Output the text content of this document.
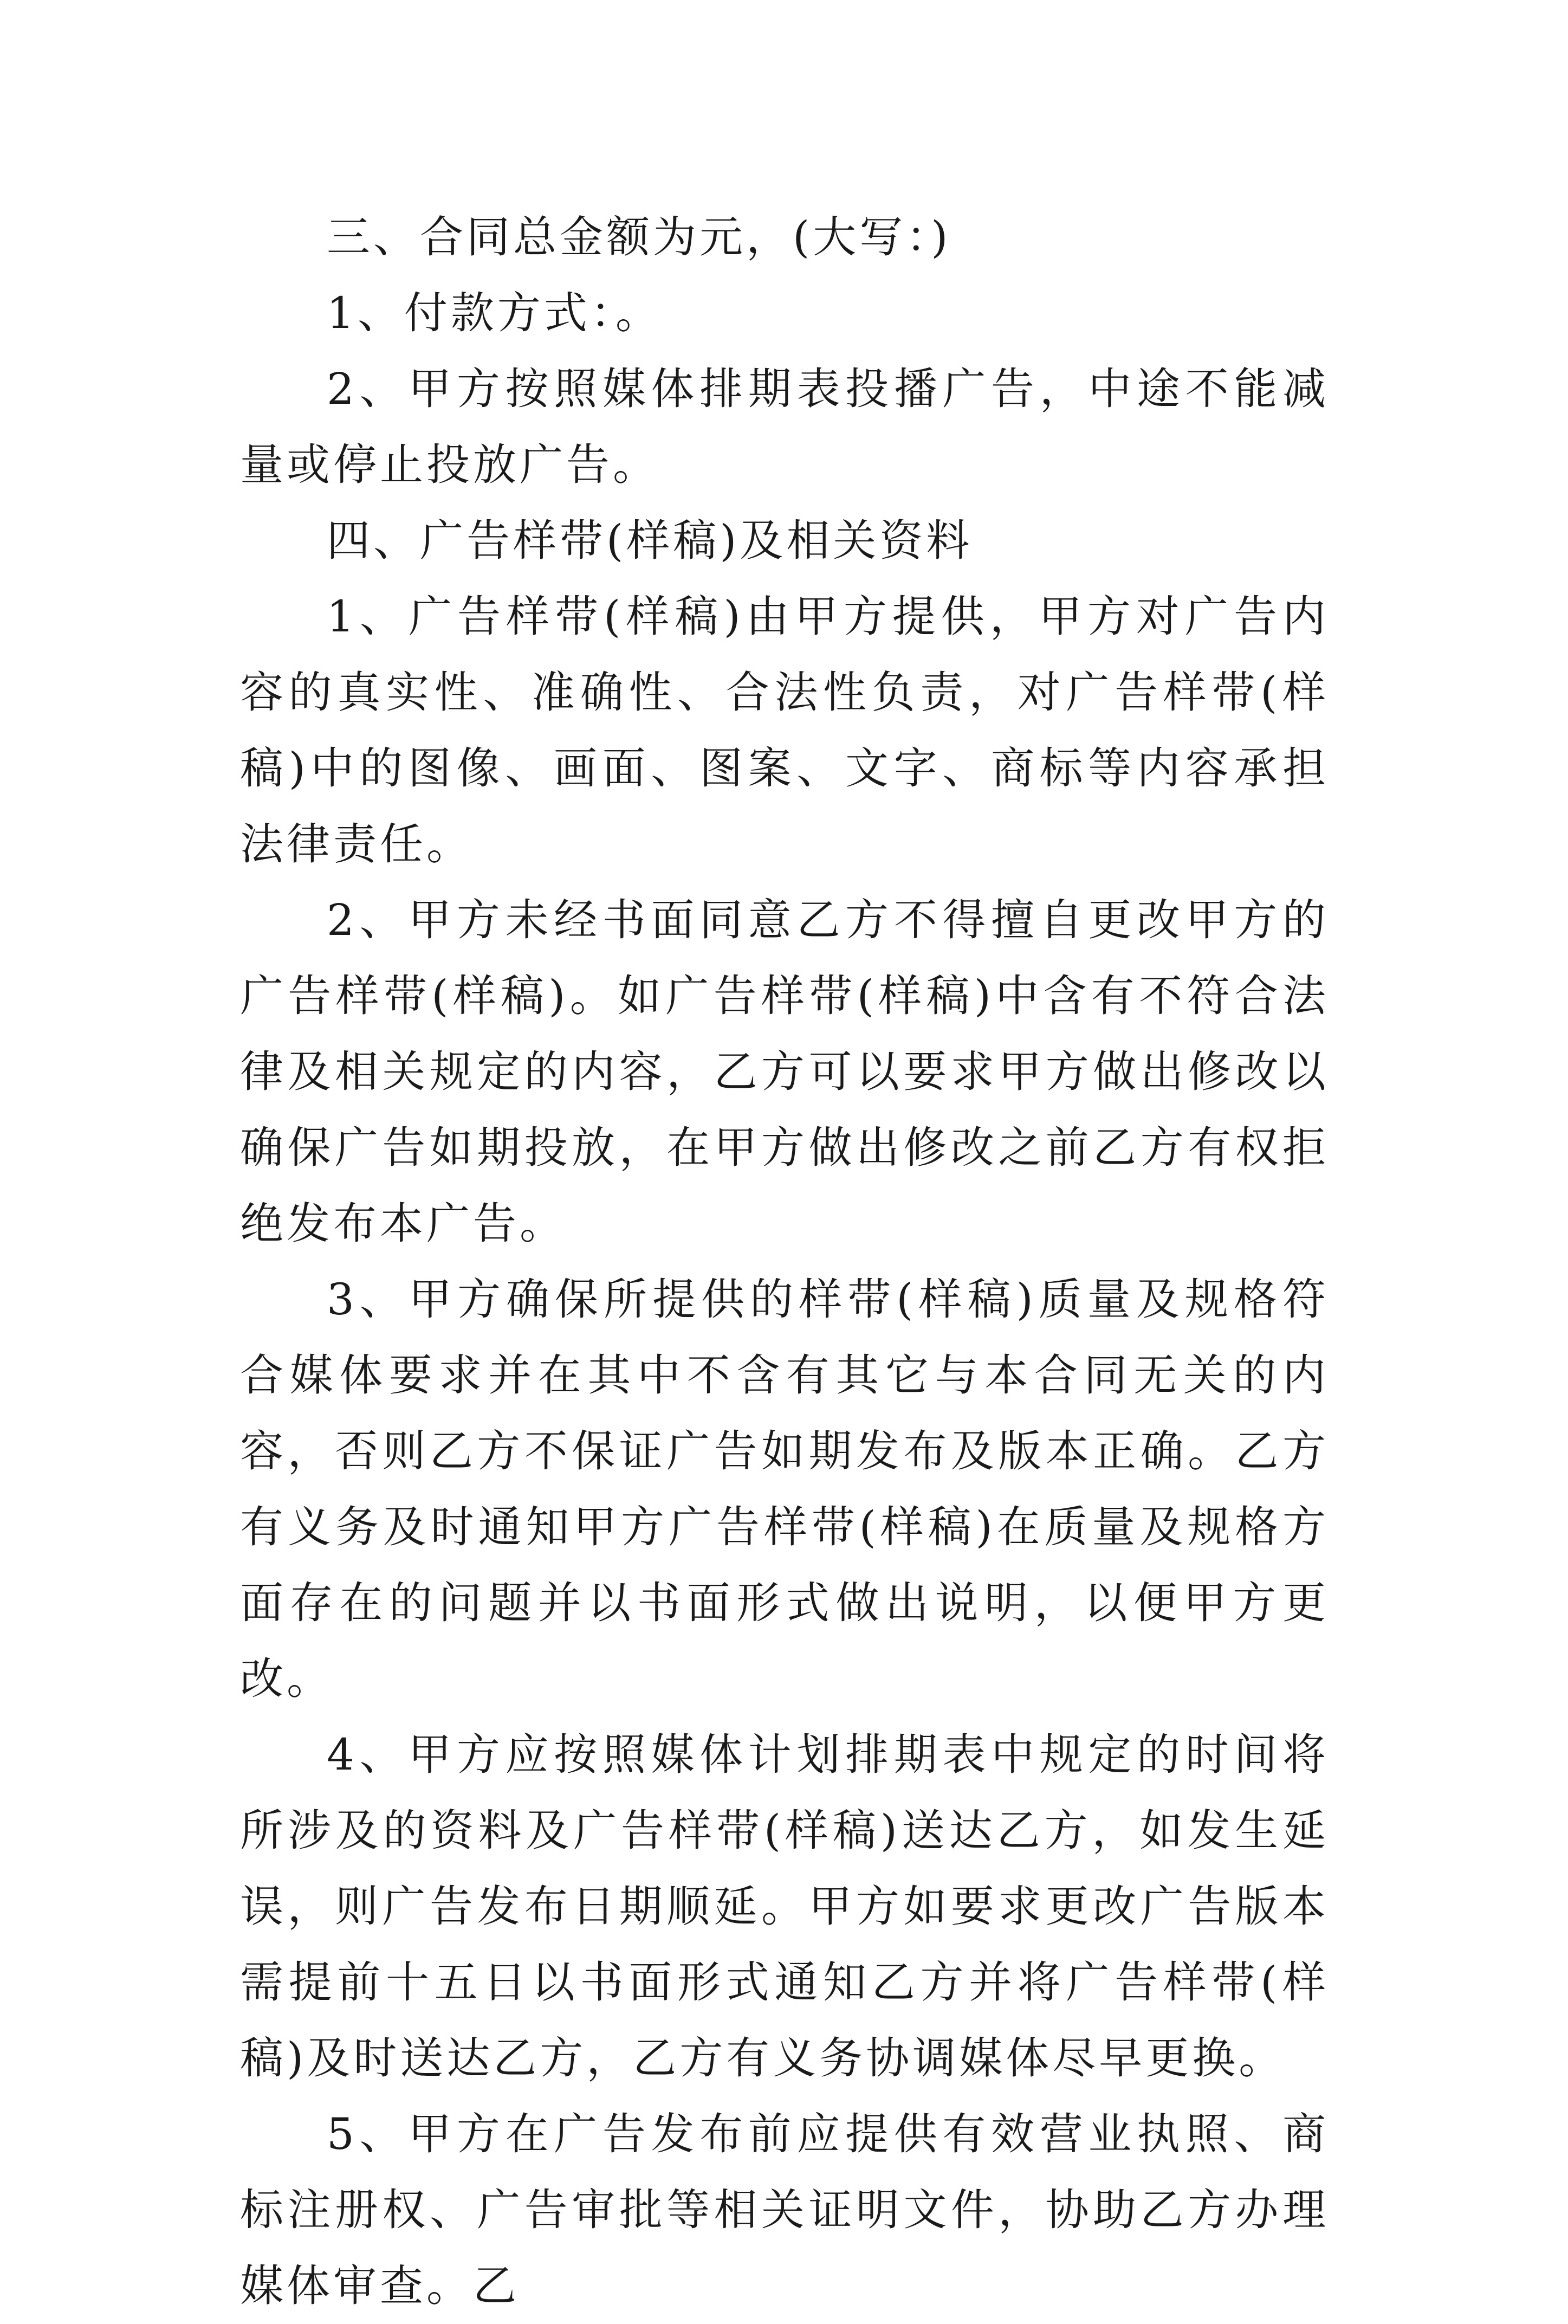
三、合同总金额为元，(大写：)

1、付款方式：。

2、甲方按照媒体排期表投播广告，中途不能减量或停止投放广告。

四、广告样带(样稿)及相关资料

1、广告样带(样稿)由甲方提供，甲方对广告内容的真实性、准确性、合法性负责，对广告样带(样稿)中的图像、画面、图案、文字、商标等内容承担法律责任。

2、甲方未经书面同意乙方不得擅自更改甲方的广告样带(样稿)。如广告样带(样稿)中含有不符合法律及相关规定的内容，乙方可以要求甲方做出修改以确保广告如期投放，在甲方做出修改之前乙方有权拒绝发布本广告。

3、甲方确保所提供的样带(样稿)质量及规格符合媒体要求并在其中不含有其它与本合同无关的内容，否则乙方不保证广告如期发布及版本正确。乙方有义务及时通知甲方广告样带(样稿)在质量及规格方面存在的问题并以书面形式做出说明，以便甲方更改。

4、甲方应按照媒体计划排期表中规定的时间将所涉及的资料及广告样带(样稿)送达乙方，如发生延误，则广告发布日期顺延。甲方如要求更改广告版本需提前十五日以书面形式通知乙方并将广告样带(样稿)及时送达乙方，乙方有义务协调媒体尽早更换。

5、甲方在广告发布前应提供有效营业执照、商标注册权、广告审批等相关证明文件，协助乙方办理媒体审查。乙
